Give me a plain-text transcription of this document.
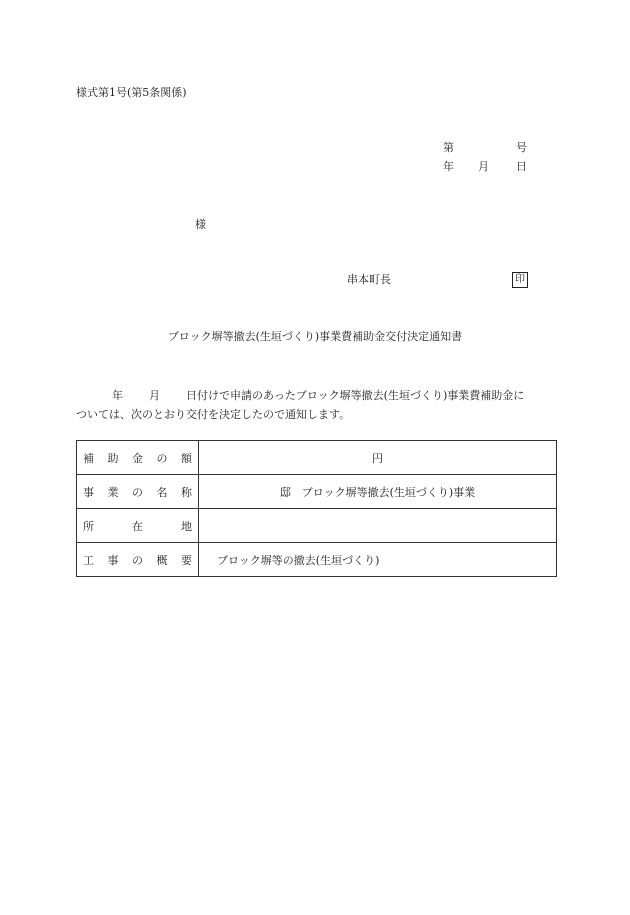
様式第1号(第5条関係)
第	号
年 月 日
様
串本町長	印
ブロック塀等撤去(生垣づくり)事業費補助金交付決定通知書
年 月 日付けで申請のあったブロック塀等撤去(生垣づくり)事業費補助金に
ついては、次のとおり交付を決定したので通知します。
補 助 金 の 額	円

事 業 の 名 称	邸　ブロック塀等撤去(生垣づくり)事業

所 在 地	

工 事 の 概 要	ブロック塀等の撤去(生垣づくり)
